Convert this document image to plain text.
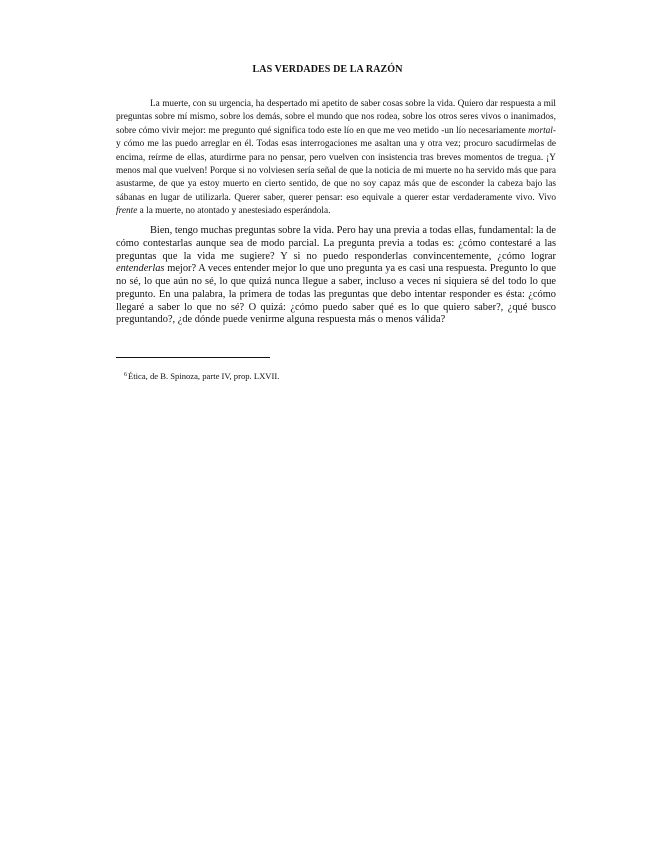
LAS VERDADES DE LA RAZÓN

La muerte, con su urgencia, ha despertado mi apetito de saber cosas sobre la vida. Quiero dar respuesta a mil preguntas sobre mí mismo, sobre los demás, sobre el mundo que nos rodea, sobre los otros seres vivos o inanimados, sobre cómo vivir mejor: me pregunto qué significa todo este lío en que me veo metido -un lío necesariamente mortal- y cómo me las puedo arreglar en él. Todas esas interrogaciones me asaltan una y otra vez; procuro sacudírmelas de encima, reírme de ellas, aturdirme para no pensar, pero vuelven con insistencia tras breves momentos de tregua. ¡Y menos mal que vuelven! Porque si no volviesen sería señal de que la noticia de mi muerte no ha servido más que para asustarme, de que ya estoy muerto en cierto sentido, de que no soy capaz más que de esconder la cabeza bajo las sábanas en lugar de utilizarla. Querer saber, querer pensar: eso equivale a querer estar verdaderamente vivo. Vivo frente a la muerte, no atontado y anestesiado esperándola.

Bien, tengo muchas preguntas sobre la vida. Pero hay una previa a todas ellas, fundamental: la de cómo contestarlas aunque sea de modo parcial. La pregunta previa a todas es: ¿cómo contestaré a las preguntas que la vida me sugiere? Y si no puedo responderlas convincentemente, ¿cómo lograr entenderlas mejor? A veces entender mejor lo que uno pregunta ya es casi una respuesta. Pregunto lo que no sé, lo que aún no sé, lo que quizá nunca llegue a saber, incluso a veces ni siquiera sé del todo lo que pregunto. En una palabra, la primera de todas las preguntas que debo intentar responder es ésta: ¿cómo llegaré a saber lo que no sé? O quizá: ¿cómo puedo saber qué es lo que quiero saber?, ¿qué busco preguntando?, ¿de dónde puede venirme alguna respuesta más o menos válida?

$^6$Ética, de B. Spinoza, parte IV, prop. LXVII.
